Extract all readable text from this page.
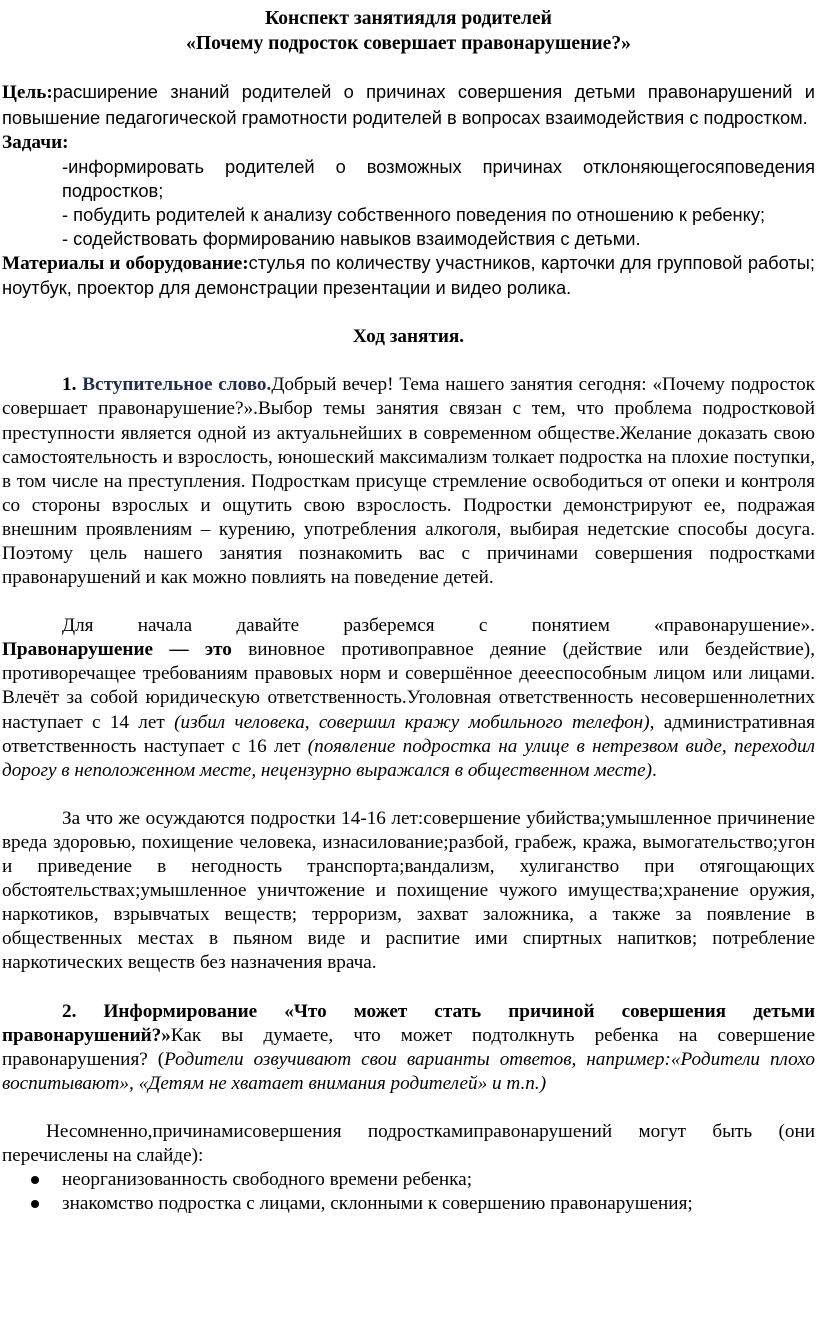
Конспект занятиядля родителей
«Почему подросток совершает правонарушение?»

Цель:расширение знаний родителей о причинах совершения детьми правонарушений и повышение педагогической грамотности родителей в вопросах взаимодействия с подростком.

Задачи:

-информировать родителей о возможных причинах отклоняющегосяповедения подростков;

- побудить родителей к анализу собственного поведения по отношению к ребенку;

- содействовать формированию навыков взаимодействия с детьми.

Материалы и оборудование:стулья по количеству участников, карточки для групповой работы; ноутбук, проектор для демонстрации презентации и видео ролика.

Ход занятия.

1. Вступительное слово.Добрый вечер! Тема нашего занятия сегодня: «Почему подросток совершает правонарушение?».Выбор темы занятия связан с тем, что проблема подростковой преступности является одной из актуальнейших в современном обществе.Желание доказать свою самостоятельность и взрослость, юношеский максимализм толкает подростка на плохие поступки, в том числе на преступления. Подросткам присуще стремление освободиться от опеки и контроля со стороны взрослых и ощутить свою взрослость. Подростки демонстрируют ее, подражая внешним проявлениям – курению, употребления алкоголя, выбирая недетские способы досуга. Поэтому цель нашего занятия познакомить вас с причинами совершения подростками правонарушений и как можно повлиять на поведение детей.

Для начала давайте разберемся с понятием «правонарушение».

Правонарушение — это виновное противоправное деяние (действие или бездействие), противоречащее требованиям правовых норм и совершённое деееспособным лицом или лицами. Влечёт за собой юридическую ответственность.Уголовная ответственность несовершеннолетних наступает с 14 лет (избил человека, совершил кражу мобильного телефон), административная ответственность наступает с 16 лет (появление подростка на улице в нетрезвом виде, переходил дорогу в неположенном месте, нецензурно выражался в общественном месте).

За что же осуждаются подростки 14-16 лет:совершение убийства;умышленное причинение вреда здоровью, похищение человека, изнасилование;разбой, грабеж, кража, вымогательство;угон и приведение в негодность транспорта;вандализм, хулиганство при отягощающих обстоятельствах;умышленное уничтожение и похищение чужого имущества;хранение оружия, наркотиков, взрывчатых веществ; терроризм, захват заложника, а также за появление в общественных местах в пьяном виде и распитие ими спиртных напитков; потребление наркотических веществ без назначения врача.

2. Информирование «Что может стать причиной совершения детьми правонарушений?»Как вы думаете, что может подтолкнуть ребенка на совершение правонарушения? (Родители озвучивают свои варианты ответов, например:«Родители плохо воспитывают», «Детям не хватает внимания родителей» и т.п.)

Несомненно,причинамисовершения подросткамиправонарушений могут быть (они перечислены на слайде):

неорганизованность свободного времени ребенка;
знакомство подростка с лицами, склонными к совершению правонарушения;
